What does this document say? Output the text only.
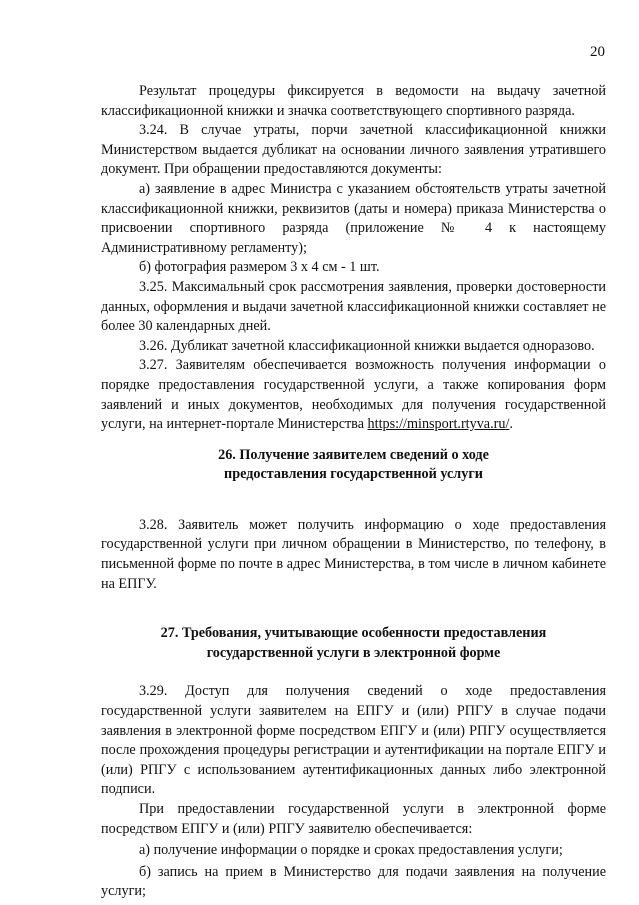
20

Результат процедуры фиксируется в ведомости на выдачу зачетной классификационной книжки и значка соответствующего спортивного разряда.

3.24. В случае утраты, порчи зачетной классификационной книжки Министерством выдается дубликат на основании личного заявления утратившего документ. При обращении предоставляются документы:

а) заявление в адрес Министра с указанием обстоятельств утраты зачетной классификационной книжки, реквизитов (даты и номера) приказа Министерства о присвоении спортивного разряда (приложение № 4 к настоящему Административному регламенту);

б) фотография размером 3 х 4 см - 1 шт.

3.25. Максимальный срок рассмотрения заявления, проверки достоверности данных, оформления и выдачи зачетной классификационной книжки составляет не более 30 календарных дней.

3.26. Дубликат зачетной классификационной книжки выдается одноразово.

3.27. Заявителям обеспечивается возможность получения информации о порядке предоставления государственной услуги, а также копирования форм заявлений и иных документов, необходимых для получения государственной услуги, на интернет-портале Министерства https://minsport.rtyva.ru/.

26. Получение заявителем сведений о ходе

предоставления государственной услуги

3.28. Заявитель может получить информацию о ходе предоставления государственной услуги при личном обращении в Министерство, по телефону, в письменной форме по почте в адрес Министерства, в том числе в личном кабинете на ЕПГУ.

27. Требования, учитывающие особенности предоставления

государственной услуги в электронной форме

3.29. Доступ для получения сведений о ходе предоставления государственной услуги заявителем на ЕПГУ и (или) РПГУ в случае подачи заявления в электронной форме посредством ЕПГУ и (или) РПГУ осуществляется после прохождения процедуры регистрации и аутентификации на портале ЕПГУ и (или) РПГУ с использованием аутентификационных данных либо электронной подписи.

При предоставлении государственной услуги в электронной форме посредством ЕПГУ и (или) РПГУ заявителю обеспечивается:

а) получение информации о порядке и сроках предоставления услуги;

б) запись на прием в Министерство для подачи заявления на получение услуги;
